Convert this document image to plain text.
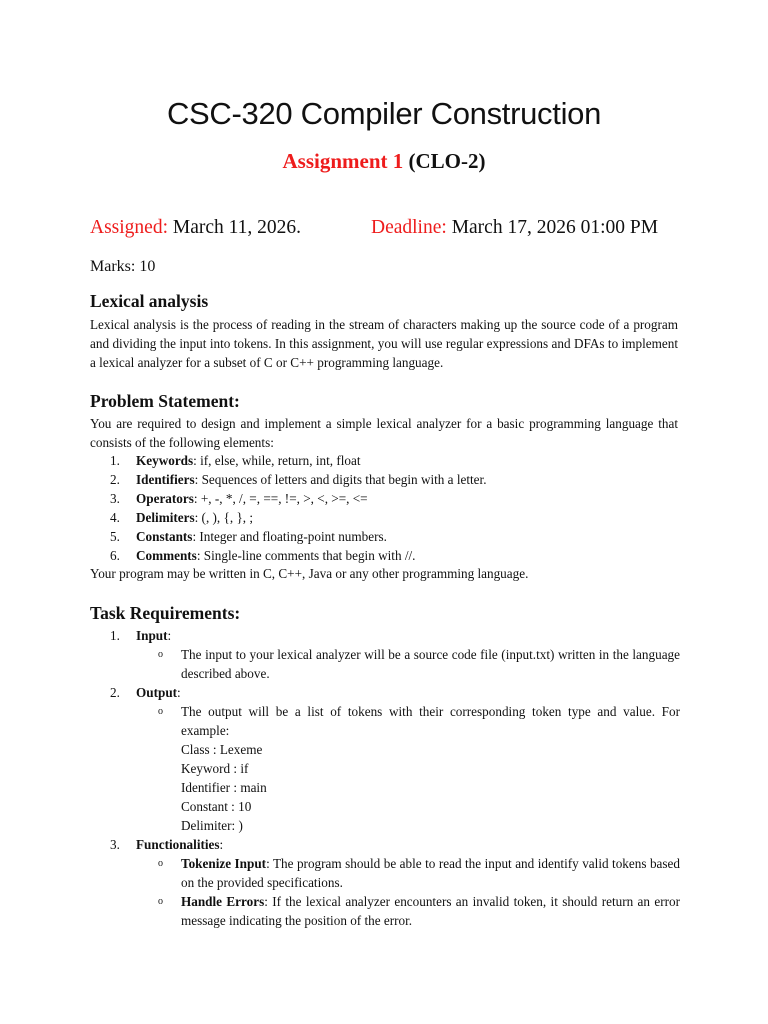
CSC-320 Compiler Construction

Assignment 1 (CLO-2)

Assigned: March 11, 2026.	Deadline: March 17, 2026 01:00 PM
Marks: 10
Lexical analysis

Lexical analysis is the process of reading in the stream of characters making up the source code of a program and dividing the input into tokens. In this assignment, you will use regular expressions and DFAs to implement a lexical analyzer for a subset of C or C++ programming language.

Problem Statement:

You are required to design and implement a simple lexical analyzer for a basic programming language that consists of the following elements:

1. Keywords: if, else, while, return, int, float
2. Identifiers: Sequences of letters and digits that begin with a letter.
3. Operators: +, -, *, /, =, ==, !=, >, <, >=, <=
4. Delimiters: (, ), {, }, ;
5. Constants: Integer and floating-point numbers.
6. Comments: Single-line comments that begin with //.

Your program may be written in C, C++, Java or any other programming language.

Task Requirements:
1. Input:
o The input to your lexical analyzer will be a source code file (input.txt) written in the language described above.
2. Output:
o The output will be a list of tokens with their corresponding token type and value. For example:
Class : Lexeme
Keyword : if
Identifier : main
Constant : 10
Delimiter: )
3. Functionalities:
o Tokenize Input: The program should be able to read the input and identify valid tokens based on the provided specifications.
o Handle Errors: If the lexical analyzer encounters an invalid token, it should return an error message indicating the position of the error.
